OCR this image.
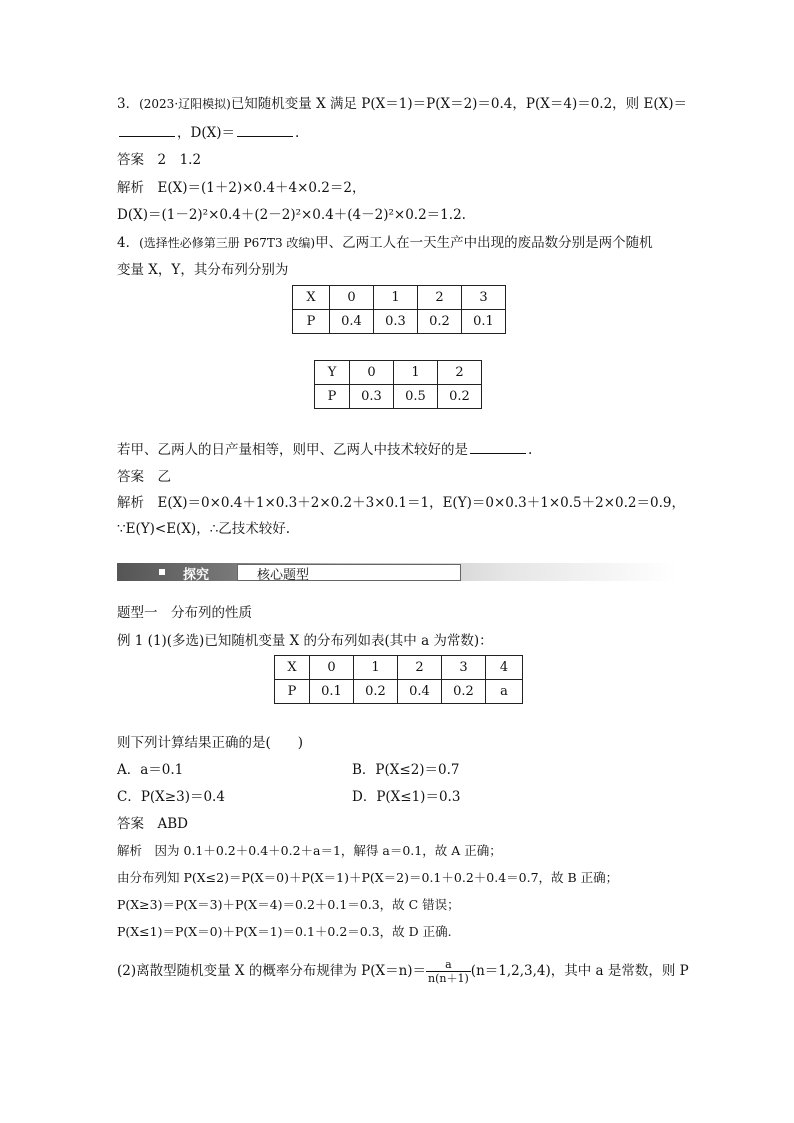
3．(2023·辽阳模拟)已知随机变量 X 满足 P(X＝1)＝P(X＝2)＝0.4，P(X＝4)＝0.2，则 E(X)＝
，D(X)＝	.
答案　 2　1.2
解析　 E(X)＝(1＋2)×0.4＋4×0.2＝2，
D(X)＝(1－2)²×0.4＋(2－2)²×0.4＋(4－2)²×0.2＝1.2.
4．(选择性必修第三册 P67T3 改编)甲、乙两工人在一天生产中出现的废品数分别是两个随机
变量 X，Y，其分布列分别为
X	0	1	2	3
P	0.4	0.3	0.2	0.1
Y	0	1	2
P	0.3	0.5	0.2
若甲、乙两人的日产量相等，则甲、乙两人中技术较好的是	.
答案　 乙
解析　 E(X)＝0×0.4＋1×0.3＋2×0.2＋3×0.1＝1，E(Y)＝0×0.3＋1×0.5＋2×0.2＝0.9，
∵E(Y)<E(X)，∴乙技术较好.
探究	核心题型
题型一　分布列的性质
例 1 (1)(多选)已知随机变量 X 的分布列如表(其中 a 为常数)：
X	0	1	2	3	4
P	0.1	0.2	0.4	0.2	a
则下列计算结果正确的是(　　)
A．a＝0.1	B．P(X≤2)＝0.7
C．P(X≥3)＝0.4	D．P(X≤1)＝0.3
答案　 ABD
解析　 因为 0.1＋0.2＋0.4＋0.2＋a＝1，解得 a＝0.1，故 A 正确；
由分布列知 P(X≤2)＝P(X＝0)＋P(X＝1)＋P(X＝2)＝0.1＋0.2＋0.4＝0.7，故 B 正确；
P(X≥3)＝P(X＝3)＋P(X＝4)＝0.2＋0.1＝0.3，故 C 错误；
P(X≤1)＝P(X＝0)＋P(X＝1)＝0.1＋0.2＝0.3，故 D 正确.
(2)离散型随机变量 X 的概率分布规律为 $P(X=n)= \frac{a}{n(n+1)} (n=1,2,3,4)$，其中 a 是常数，则 P
